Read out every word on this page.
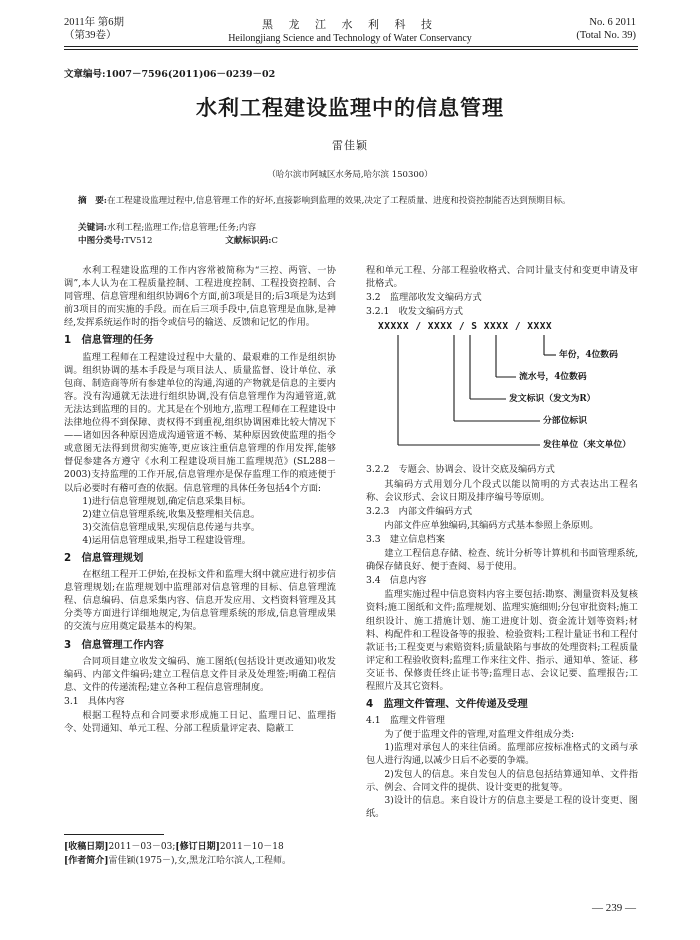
2011年 第6期
（第39卷）
黑 龙 江 水 利 科 技
Heilongjiang Science and Technology of Water Conservancy
No. 6 2011
(Total No. 39)
文章编号:1007－7596(2011)06－0239－02
水利工程建设监理中的信息管理
雷佳颖
（哈尔滨市阿城区水务局,哈尔滨 150300）
摘　要:在工程建设监理过程中,信息管理工作的好坏,直接影响到监理的效果,决定了工程质量、进度和投资控制能否达到预期目标。
关键词:水利工程;监理工作;信息管理;任务;内容
中图分类号:TV512	文献标识码:C

水利工程建设监理的工作内容常被简称为“三控、两管、一协调”,本人认为在工程质量控制、工程进度控制、工程投资控制、合同管理、信息管理和组织协调6个方面,前3项是目的;后3项是为达到前3项目的而实施的手段。而在后三项手段中,信息管理是血脉,是神经,发挥系统运作时的指令或信号的输送、反馈和记忆的作用。

1　信息管理的任务

监理工程师在工程建设过程中大量的、最艰难的工作是组织协调。组织协调的基本手段是与项目法人、质量监督、设计单位、承包商、制造商等所有参建单位的沟通,沟通的产物就是信息的主要内容。没有沟通就无法进行组织协调,没有信息管理作为沟通管道,就无法达到监理的目的。尤其是在个别地方,监理工程师在工程建设中法律地位得不到保障、责权得不到重视,组织协调困难比较大情况下——诸如因各种原因造成沟通管道不畅、某种原因致使监理的指令或意图无法得到贯彻实施等,更应该注重信息管理的作用发挥,能够督促参建各方遵守《水利工程建设项目施工监理规范》(SL288－2003)支持监理的工作开展,信息管理亦是保存监理工作的痕迹便于以后必要时有稽可查的依据。信息管理的具体任务包括4个方面:

1)进行信息管理规划,确定信息采集目标。
2)建立信息管理系统,收集及整理相关信息。
3)交流信息管理成果,实现信息传递与共享。
4)运用信息管理成果,指导工程建设管理。
2　信息管理规划

在枢纽工程开工伊始,在投标文件和监理大纲中就应进行初步信息管理规划;在监理规划中监理部对信息管理的目标、信息管理流程、信息编码、信息采集内容、信息开发应用、文档资料管理及其分类等方面进行详细地规定,为信息管理系统的形成,信息管理成果的交流与应用奠定最基本的构架。

3　信息管理工作内容

合同项目建立收发文编码、施工图纸(包括设计更改通知)收发编码、内部文件编码;建立工程信息文件目录及处理签;明确工程信息、文件的传递流程;建立各种工程信息管理制度。

3.1　具体内容

根据工程特点和合同要求形成施工日记、监理日记、监理指令、处罚通知、单元工程、分部工程质量评定表、隐蔽工

程和单元工程、分部工程验收格式、合同计量支付和变更申请及审批格式。

3.2　监理部收发文编码方式
3.2.1　收发文编码方式
XXXXX / XXXX / S XXXX / XXXX
年份，4位数码
流水号，4位数码
发文标识（发文为R）
分部位标识
发往单位（来文单位）
3.2.2　专题会、协调会、设计交底及编码方式

其编码方式用划分几个段式以能以简明的方式表达出工程名称、会议形式、会议日期及排序编号等原则。

3.2.3　内部文件编码方式

内部文件应单独编码,其编码方式基本参照上条原则。

3.3　建立信息档案

建立工程信息存储、检查、统计分析等计算机和书面管理系统,确保存储良好、便于查阅、易于使用。

3.4　信息内容

监理实施过程中信息资料内容主要包括:勘察、测量资料及复核资料;施工图纸和文件;监理规划、监理实施细则;分包审批资料;施工组织设计、施工措施计划、施工进度计划、资金流计划等资料;材料、构配件和工程设备等的报验、检验资料;工程计量证书和工程付款证书;工程变更与索赔资料;质量缺陷与事故的处理资料;工程质量评定和工程验收资料;监理工作来往文件、指示、通知单、签证、移交证书、保修责任终止证书等;监理日志、会议记要、监理报告;工程照片及其它资料。

4　监理文件管理、文件传递及受理
4.1　监理文件管理

为了便于监理文件的管理,对监理文件组成分类:

1)监理对承包人的来往信函。监理部应按标准格式的文函与承包人进行沟通,以减少日后不必要的争端。

2)发包人的信息。来自发包人的信息包括结算通知单、文件指示、例会、合同文件的提供、设计变更的批复等。

3)设计的信息。来自设计方的信息主要是工程的设计变更、图纸。

[收稿日期]2011－03－03;[修订日期]2011－10－18
[作者简介]雷佳颖(1975－),女,黑龙江哈尔滨人,工程师。
— 239 —
